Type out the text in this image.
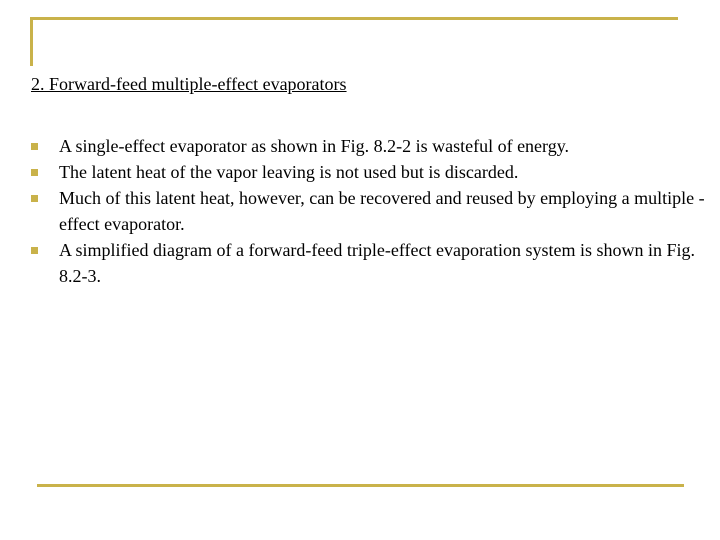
2. Forward-feed multiple-effect evaporators
A single-effect evaporator as shown in Fig. 8.2-2 is wasteful of energy.
The latent heat of the vapor leaving is not used but is discarded.
Much of this latent heat, however, can be recovered and reused by employing a multiple - effect evaporator.
A simplified diagram of a forward-feed triple-effect evaporation system is shown in Fig. 8.2-3.
